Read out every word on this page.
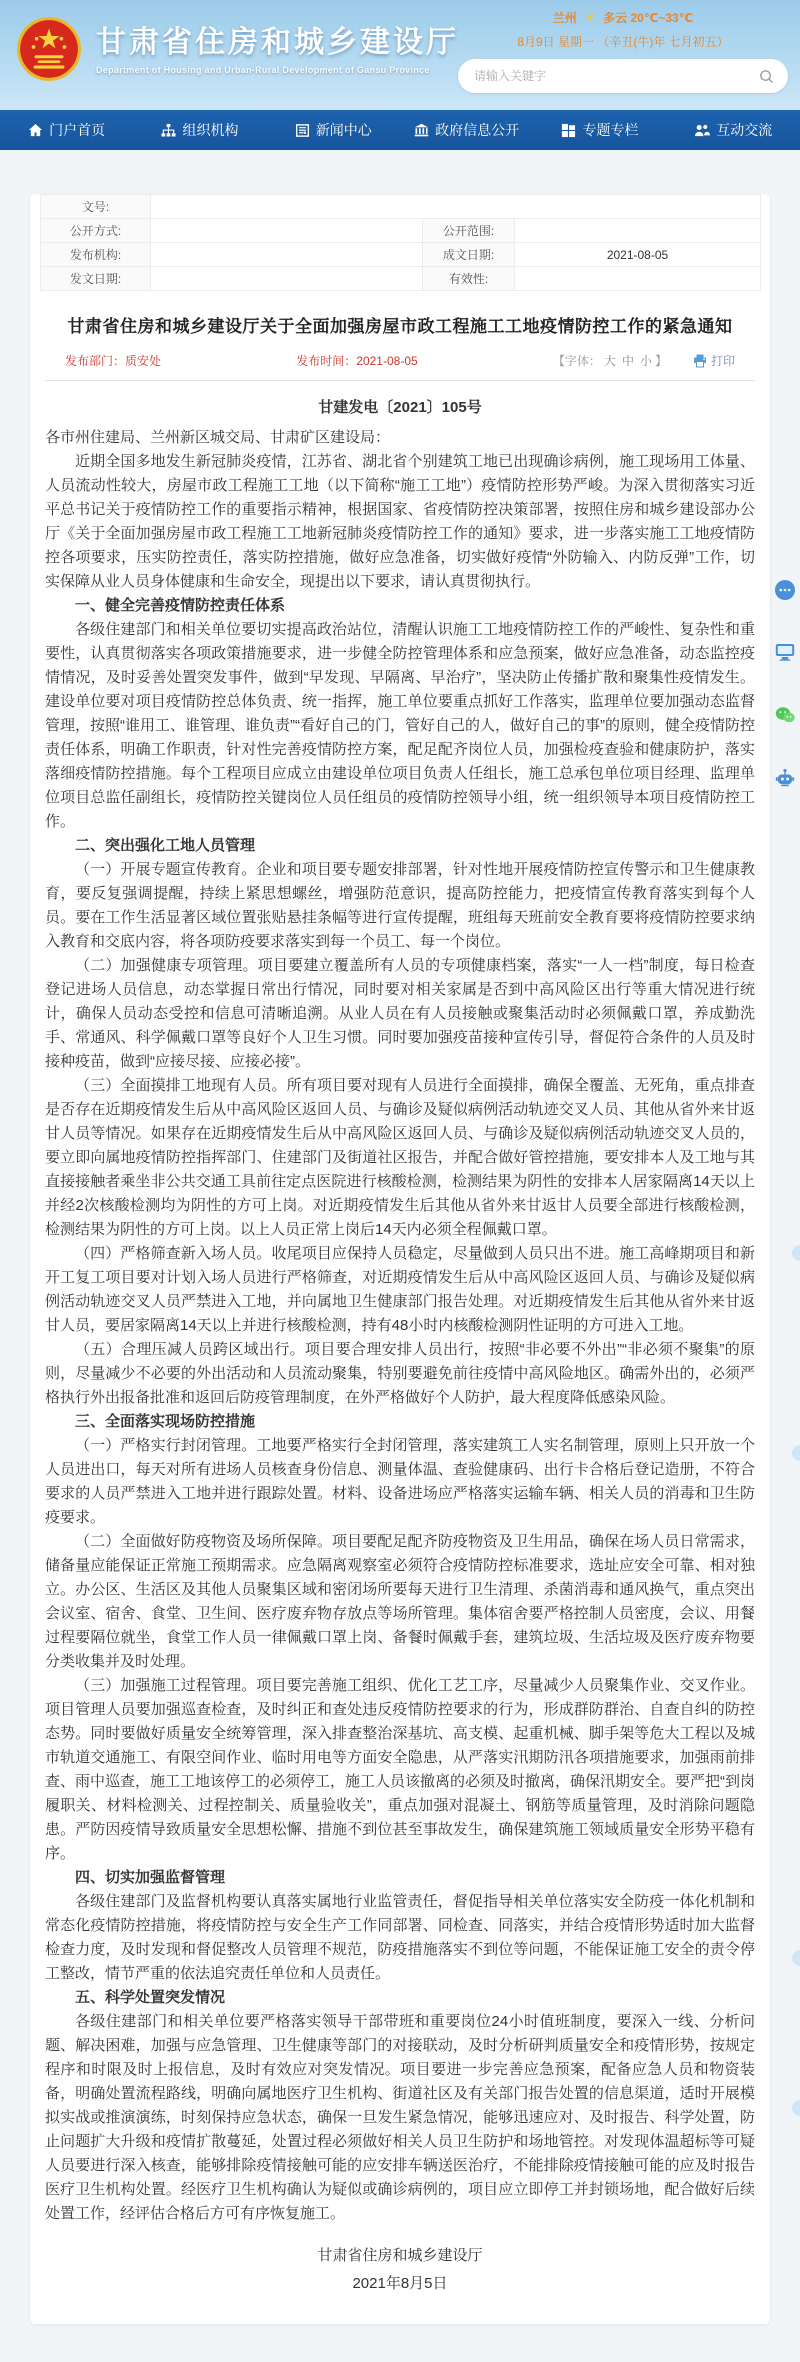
甘肃省住房和城乡建设厅
Department of Housing and Urban-Rural Development of Gansu Province
兰州 ☀ 多云 20℃~33℃
8月9日 星期一 （辛丑(牛)年 七月初五）
请输入关键字
门户首页	组织机构	新闻中心	政府信息公开	专题专栏	互动交流
文号:			
公开方式:		公开范围:	
发布机构:		成文日期:	2021-08-05
发文日期:		有效性:	
甘肃省住房和城乡建设厅关于全面加强房屋市政工程施工工地疫情防控工作的紧急通知
发布部门：质安处	发布时间：2021-08-05	【字体： 大 中 小 】	打印
甘建发电〔2021〕105号

各市州住建局、兰州新区城交局、甘肃矿区建设局：

近期全国多地发生新冠肺炎疫情，江苏省、湖北省个别建筑工地已出现确诊病例，施工现场用工体量、人员流动性较大，房屋市政工程施工工地（以下简称“施工工地”）疫情防控形势严峻。为深入贯彻落实习近平总书记关于疫情防控工作的重要指示精神，根据国家、省疫情防控决策部署，按照住房和城乡建设部办公厅《关于全面加强房屋市政工程施工工地新冠肺炎疫情防控工作的通知》要求，进一步落实施工工地疫情防控各项要求，压实防控责任，落实防控措施，做好应急准备，切实做好疫情“外防输入、内防反弹”工作，切实保障从业人员身体健康和生命安全，现提出以下要求，请认真贯彻执行。

一、健全完善疫情防控责任体系

各级住建部门和相关单位要切实提高政治站位，清醒认识施工工地疫情防控工作的严峻性、复杂性和重要性，认真贯彻落实各项政策措施要求，进一步健全防控管理体系和应急预案，做好应急准备，动态监控疫情情况，及时妥善处置突发事件，做到“早发现、早隔离、早治疗”，坚决防止传播扩散和聚集性疫情发生。建设单位要对项目疫情防控总体负责、统一指挥，施工单位要重点抓好工作落实，监理单位要加强动态监督管理，按照“谁用工、谁管理、谁负责”“看好自己的门，管好自己的人，做好自己的事”的原则，健全疫情防控责任体系，明确工作职责，针对性完善疫情防控方案，配足配齐岗位人员，加强检疫查验和健康防护，落实落细疫情防控措施。每个工程项目应成立由建设单位项目负责人任组长，施工总承包单位项目经理、监理单位项目总监任副组长，疫情防控关键岗位人员任组员的疫情防控领导小组，统一组织领导本项目疫情防控工作。

二、突出强化工地人员管理

（一）开展专题宣传教育。企业和项目要专题安排部署，针对性地开展疫情防控宣传警示和卫生健康教育，要反复强调提醒，持续上紧思想螺丝，增强防范意识，提高防控能力，把疫情宣传教育落实到每个人员。要在工作生活显著区域位置张贴悬挂条幅等进行宣传提醒，班组每天班前安全教育要将疫情防控要求纳入教育和交底内容，将各项防疫要求落实到每一个员工、每一个岗位。

（二）加强健康专项管理。项目要建立覆盖所有人员的专项健康档案，落实“一人一档”制度，每日检查登记进场人员信息，动态掌握日常出行情况，同时要对相关家属是否到中高风险区出行等重大情况进行统计，确保人员动态受控和信息可清晰追溯。从业人员在有人员接触或聚集活动时必须佩戴口罩，养成勤洗手、常通风、科学佩戴口罩等良好个人卫生习惯。同时要加强疫苗接种宣传引导，督促符合条件的人员及时接种疫苗，做到“应接尽接、应接必接”。

（三）全面摸排工地现有人员。所有项目要对现有人员进行全面摸排，确保全覆盖、无死角，重点排查是否存在近期疫情发生后从中高风险区返回人员、与确诊及疑似病例活动轨迹交叉人员、其他从省外来甘返甘人员等情况。如果存在近期疫情发生后从中高风险区返回人员、与确诊及疑似病例活动轨迹交叉人员的，要立即向属地疫情防控指挥部门、住建部门及街道社区报告，并配合做好管控措施，要安排本人及工地与其直接接触者乘坐非公共交通工具前往定点医院进行核酸检测，检测结果为阴性的安排本人居家隔离14天以上并经2次核酸检测均为阴性的方可上岗。对近期疫情发生后其他从省外来甘返甘人员要全部进行核酸检测，检测结果为阴性的方可上岗。以上人员正常上岗后14天内必须全程佩戴口罩。

（四）严格筛查新入场人员。收尾项目应保持人员稳定，尽量做到人员只出不进。施工高峰期项目和新开工复工项目要对计划入场人员进行严格筛查，对近期疫情发生后从中高风险区返回人员、与确诊及疑似病例活动轨迹交叉人员严禁进入工地，并向属地卫生健康部门报告处理。对近期疫情发生后其他从省外来甘返甘人员，要居家隔离14天以上并进行核酸检测，持有48小时内核酸检测阴性证明的方可进入工地。

（五）合理压减人员跨区域出行。项目要合理安排人员出行，按照“非必要不外出”“非必须不聚集”的原则，尽量减少不必要的外出活动和人员流动聚集，特别要避免前往疫情中高风险地区。确需外出的，必须严格执行外出报备批准和返回后防疫管理制度，在外严格做好个人防护，最大程度降低感染风险。

三、全面落实现场防控措施

（一）严格实行封闭管理。工地要严格实行全封闭管理，落实建筑工人实名制管理，原则上只开放一个人员进出口，每天对所有进场人员核查身份信息、测量体温、查验健康码、出行卡合格后登记造册，不符合要求的人员严禁进入工地并进行跟踪处置。材料、设备进场应严格落实运输车辆、相关人员的消毒和卫生防疫要求。

（二）全面做好防疫物资及场所保障。项目要配足配齐防疫物资及卫生用品，确保在场人员日常需求，储备量应能保证正常施工预期需求。应急隔离观察室必须符合疫情防控标准要求，选址应安全可靠、相对独立。办公区、生活区及其他人员聚集区域和密闭场所要每天进行卫生清理、杀菌消毒和通风换气，重点突出会议室、宿舍、食堂、卫生间、医疗废弃物存放点等场所管理。集体宿舍要严格控制人员密度，会议、用餐过程要隔位就坐，食堂工作人员一律佩戴口罩上岗、备餐时佩戴手套，建筑垃圾、生活垃圾及医疗废弃物要分类收集并及时处理。

（三）加强施工过程管理。项目要完善施工组织、优化工艺工序，尽量减少人员聚集作业、交叉作业。项目管理人员要加强巡查检查，及时纠正和查处违反疫情防控要求的行为，形成群防群治、自查自纠的防控态势。同时要做好质量安全统筹管理，深入排查整治深基坑、高支模、起重机械、脚手架等危大工程以及城市轨道交通施工、有限空间作业、临时用电等方面安全隐患，从严落实汛期防汛各项措施要求，加强雨前排查、雨中巡查，施工工地该停工的必须停工，施工人员该撤离的必须及时撤离，确保汛期安全。要严把“到岗履职关、材料检测关、过程控制关、质量验收关”，重点加强对混凝土、钢筋等质量管理，及时消除问题隐患。严防因疫情导致质量安全思想松懈、措施不到位甚至事故发生，确保建筑施工领域质量安全形势平稳有序。

四、切实加强监督管理

各级住建部门及监督机构要认真落实属地行业监管责任，督促指导相关单位落实安全防疫一体化机制和常态化疫情防控措施，将疫情防控与安全生产工作同部署、同检查、同落实，并结合疫情形势适时加大监督检查力度，及时发现和督促整改人员管理不规范，防疫措施落实不到位等问题，不能保证施工安全的责令停工整改，情节严重的依法追究责任单位和人员责任。

五、科学处置突发情况

各级住建部门和相关单位要严格落实领导干部带班和重要岗位24小时值班制度，要深入一线、分析问题、解决困难，加强与应急管理、卫生健康等部门的对接联动，及时分析研判质量安全和疫情形势，按规定程序和时限及时上报信息，及时有效应对突发情况。项目要进一步完善应急预案，配备应急人员和物资装备，明确处置流程路线，明确向属地医疗卫生机构、街道社区及有关部门报告处置的信息渠道，适时开展模拟实战或推演演练，时刻保持应急状态，确保一旦发生紧急情况，能够迅速应对、及时报告、科学处置，防止问题扩大升级和疫情扩散蔓延，处置过程必须做好相关人员卫生防护和场地管控。对发现体温超标等可疑人员要进行深入核查，能够排除疫情接触可能的应安排车辆送医治疗，不能排除疫情接触可能的应及时报告医疗卫生机构处置。经医疗卫生机构确认为疑似或确诊病例的，项目应立即停工并封锁场地，配合做好后续处置工作，经评估合格后方可有序恢复施工。

甘肃省住房和城乡建设厅
2021年8月5日
